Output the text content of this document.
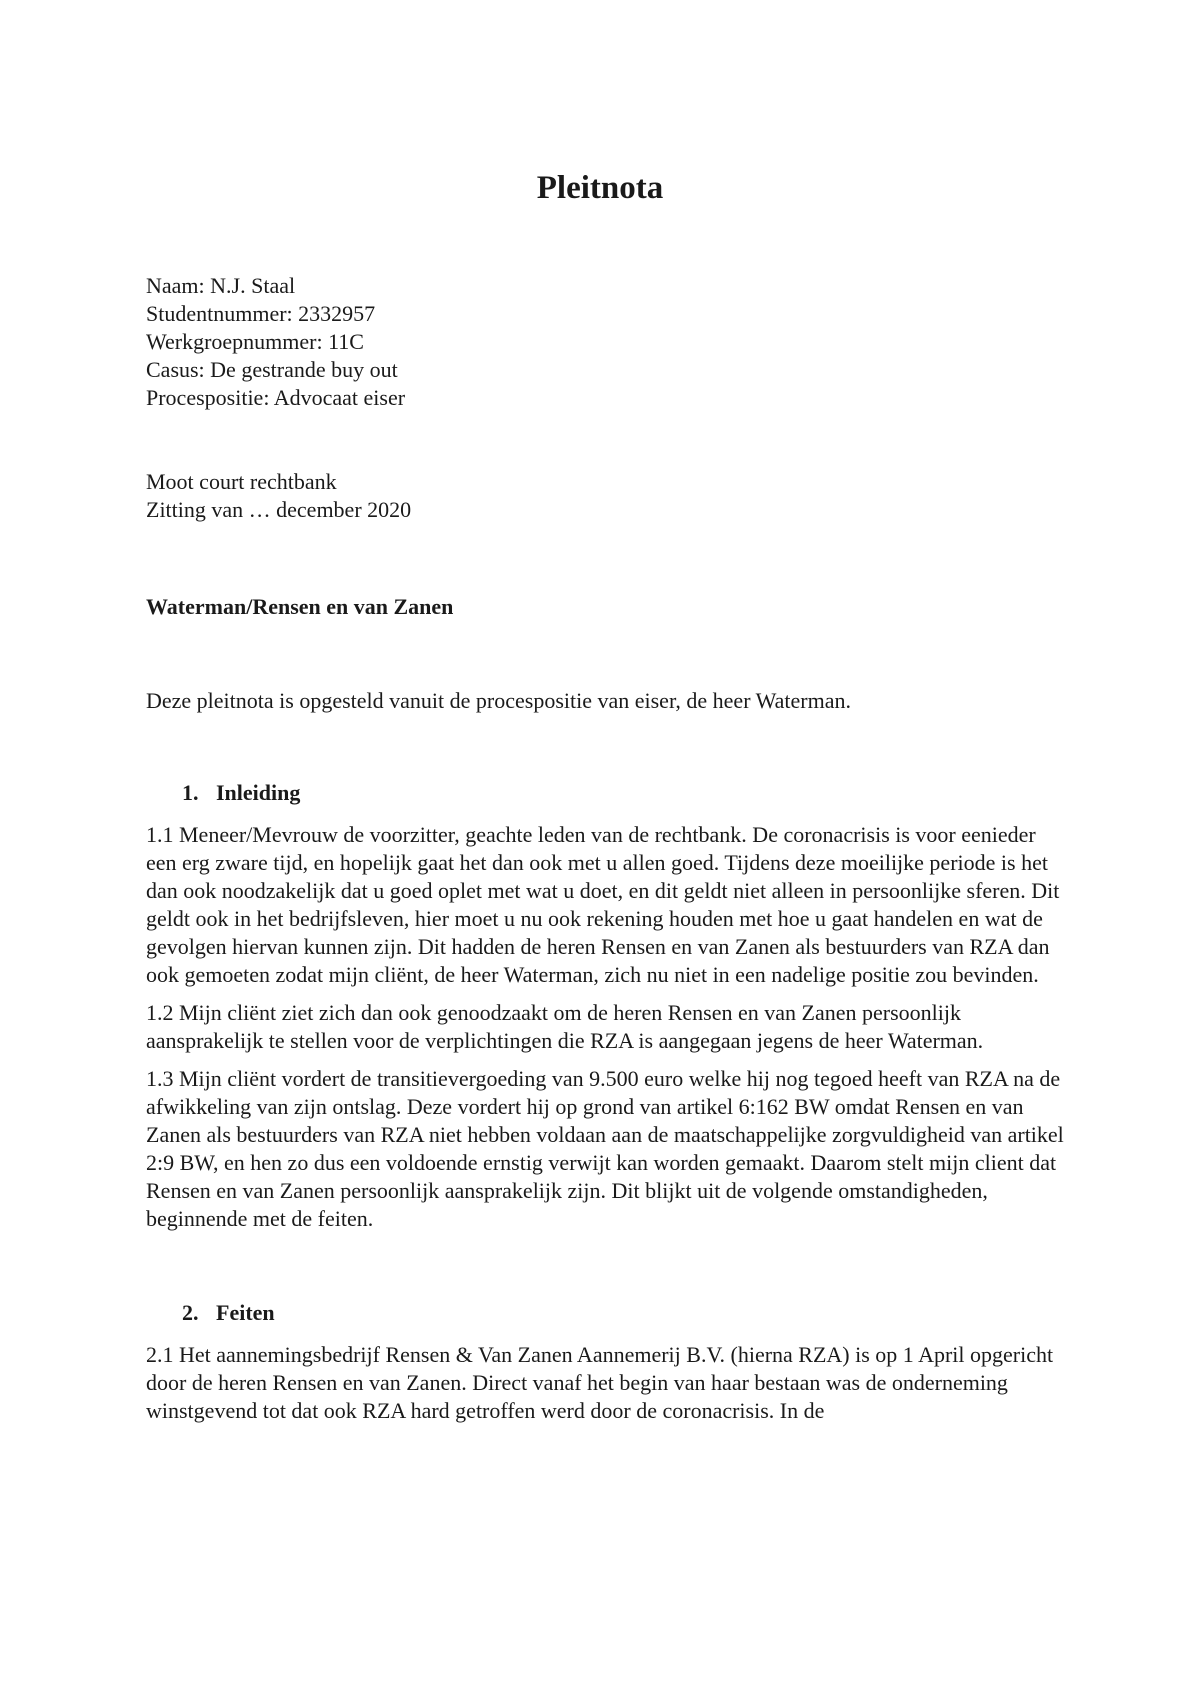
Pleitnota
Naam: N.J. Staal
Studentnummer: 2332957
Werkgroepnummer: 11C
Casus: De gestrande buy out
Procespositie: Advocaat eiser
Moot court rechtbank
Zitting van … december 2020

Waterman/Rensen en van Zanen

Deze pleitnota is opgesteld vanuit de procespositie van eiser, de heer Waterman.

1. Inleiding

1.1 Meneer/Mevrouw de voorzitter, geachte leden van de rechtbank. De coronacrisis is voor eenieder een erg zware tijd, en hopelijk gaat het dan ook met u allen goed. Tijdens deze moeilijke periode is het dan ook noodzakelijk dat u goed oplet met wat u doet, en dit geldt niet alleen in persoonlijke sferen. Dit geldt ook in het bedrijfsleven, hier moet u nu ook rekening houden met hoe u gaat handelen en wat de gevolgen hiervan kunnen zijn. Dit hadden de heren Rensen en van Zanen als bestuurders van RZA dan ook gemoeten zodat mijn cliënt, de heer Waterman, zich nu niet in een nadelige positie zou bevinden.

1.2 Mijn cliënt ziet zich dan ook genoodzaakt om de heren Rensen en van Zanen persoonlijk aansprakelijk te stellen voor de verplichtingen die RZA is aangegaan jegens de heer Waterman.

1.3 Mijn cliënt vordert de transitievergoeding van 9.500 euro welke hij nog tegoed heeft van RZA na de afwikkeling van zijn ontslag. Deze vordert hij op grond van artikel 6:162 BW omdat Rensen en van Zanen als bestuurders van RZA niet hebben voldaan aan de maatschappelijke zorgvuldigheid van artikel 2:9 BW, en hen zo dus een voldoende ernstig verwijt kan worden gemaakt. Daarom stelt mijn client dat Rensen en van Zanen persoonlijk aansprakelijk zijn. Dit blijkt uit de volgende omstandigheden, beginnende met de feiten.

2. Feiten

2.1 Het aannemingsbedrijf Rensen & Van Zanen Aannemerij B.V. (hierna RZA) is op 1 April opgericht door de heren Rensen en van Zanen. Direct vanaf het begin van haar bestaan was de onderneming winstgevend tot dat ook RZA hard getroffen werd door de coronacrisis. In de
